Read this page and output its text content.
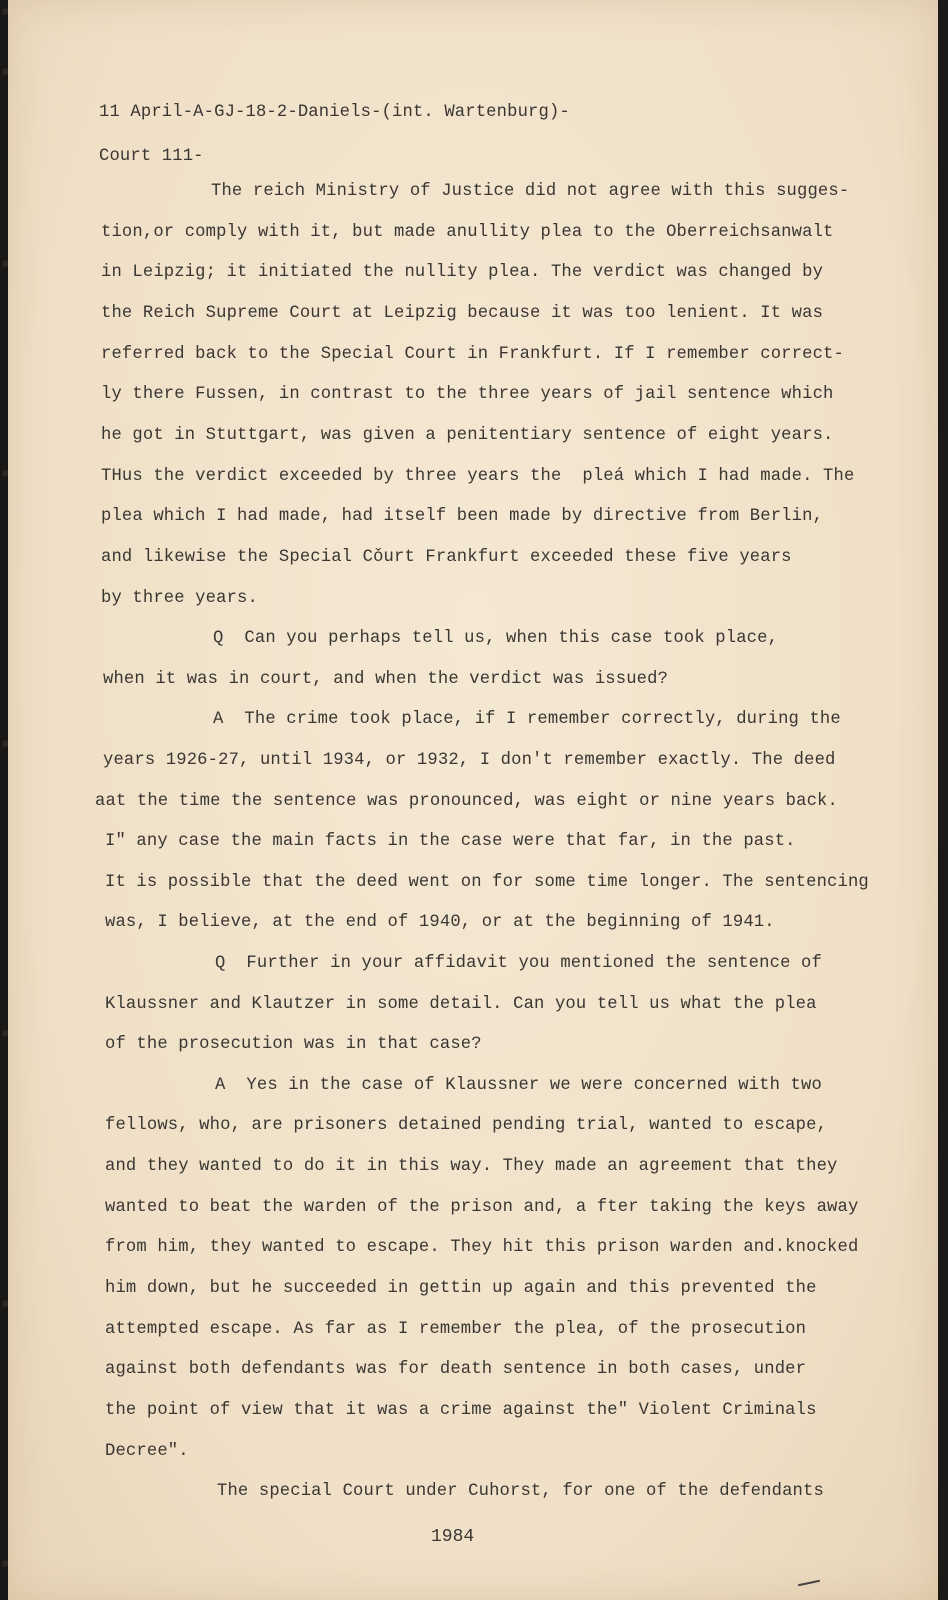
11 April-A-GJ-18-2-Daniels-(int. Wartenburg)-
Court 111-
The reich Ministry of Justice did not agree with this sugges-
tion,or comply with it, but made anullity plea to the Oberreichsanwalt
in Leipzig; it initiated the nullity plea. The verdict was changed by
the Reich Supreme Court at Leipzig because it was too lenient. It was
referred back to the Special Court in Frankfurt. If I remember correct-
ly there Fussen, in contrast to the three years of jail sentence which
he got in Stuttgart, was given a penitentiary sentence of eight years.
THus the verdict exceeded by three years the  pleá which I had made. The
plea which I had made, had itself been made by directive from Berlin,
and likewise the Special Cǒurt Frankfurt exceeded these five years
by three years.
Q  Can you perhaps tell us, when this case took place,
when it was in court, and when the verdict was issued?
A  The crime took place, if I remember correctly, during the
years 1926-27, until 1934, or 1932, I don't remember exactly. The deed
aat the time the sentence was pronounced, was eight or nine years back.
I" any case the main facts in the case were that far, in the past.
It is possible that the deed went on for some time longer. The sentencing
was, I believe, at the end of 1940, or at the beginning of 1941.
Q  Further in your affidavit you mentioned the sentence of
Klaussner and Klautzer in some detail. Can you tell us what the plea
of the prosecution was in that case?
A  Yes in the case of Klaussner we were concerned with two
fellows, who, are prisoners detained pending trial, wanted to escape,
and they wanted to do it in this way. They made an agreement that they
wanted to beat the warden of the prison and, a fter taking the keys away
from him, they wanted to escape. They hit this prison warden and.knocked
him down, but he succeeded in gettin up again and this prevented the
attempted escape. As far as I remember the plea, of the prosecution
against both defendants was for death sentence in both cases, under
the point of view that it was a crime against the" Violent Criminals
Decree".
The special Court under Cuhorst, for one of the defendants
1984
